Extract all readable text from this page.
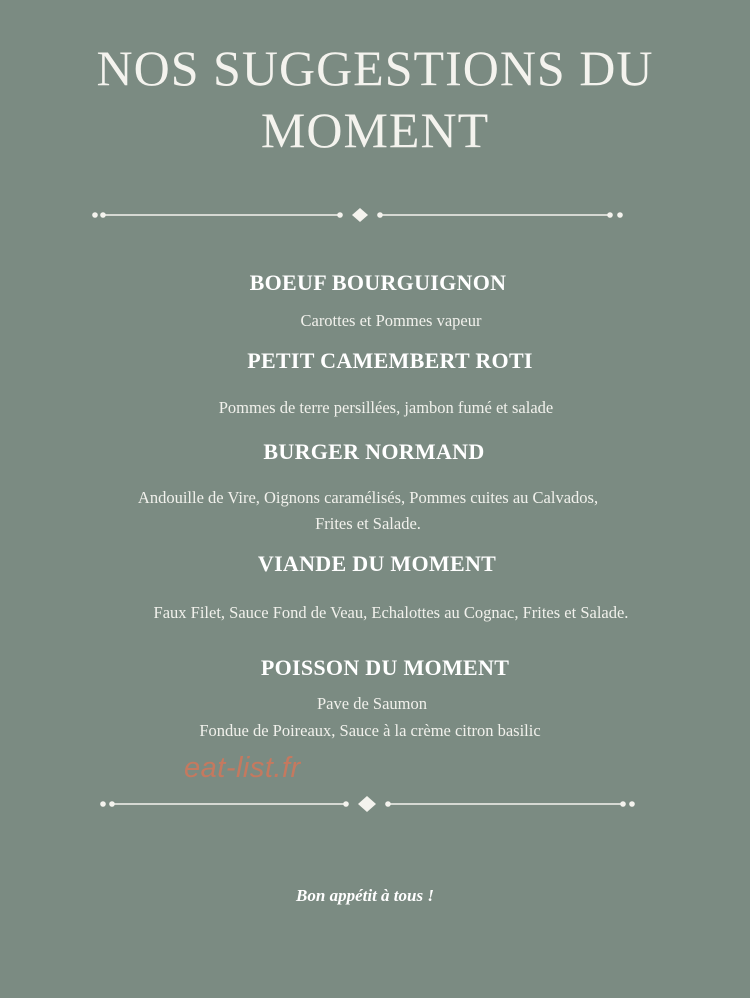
NOS SUGGESTIONS DU
MOMENT
BOEUF BOURGUIGNON
Carottes et Pommes vapeur
PETIT CAMEMBERT ROTI
Pommes de terre persillées, jambon fumé et salade
BURGER NORMAND
Andouille de Vire, Oignons caramélisés, Pommes cuites au Calvados,
Frites et Salade.
VIANDE DU MOMENT
Faux Filet, Sauce Fond de Veau, Echalottes au Cognac, Frites et Salade.
POISSON DU MOMENT
Pave de Saumon
Fondue de Poireaux, Sauce à la crème citron basilic
eat-list.fr
Bon appétit à tous !
